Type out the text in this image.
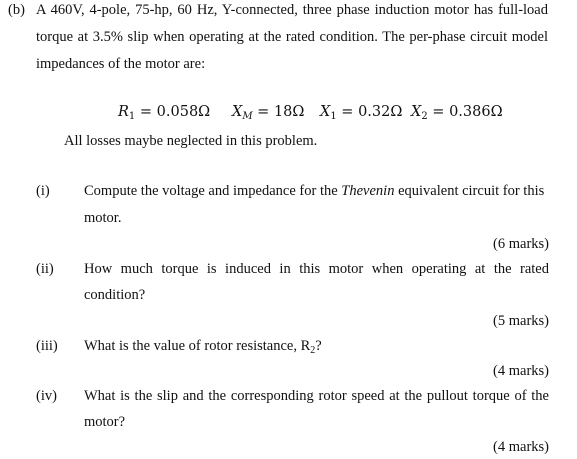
(b) A 460V, 4-pole, 75-hp, 60 Hz, Y-connected, three phase induction motor has full-load
torque at 3.5% slip when operating at the rated condition. The per-phase circuit model
impedances of the motor are:
$R_1 = 0.058\Omega$ $X_M = 18\Omega$ $X_1 = 0.32\Omega$ $X_2 = 0.386\Omega$
All losses maybe neglected in this problem.
(i) Compute the voltage and impedance for the Thevenin equivalent circuit for this
motor.
(6 marks)
(ii) How much torque is induced in this motor when operating at the rated
condition?
(5 marks)
(iii) What is the value of rotor resistance, $R_2$?
(4 marks)
(iv) What is the slip and the corresponding rotor speed at the pullout torque of the
motor?
(4 marks)
